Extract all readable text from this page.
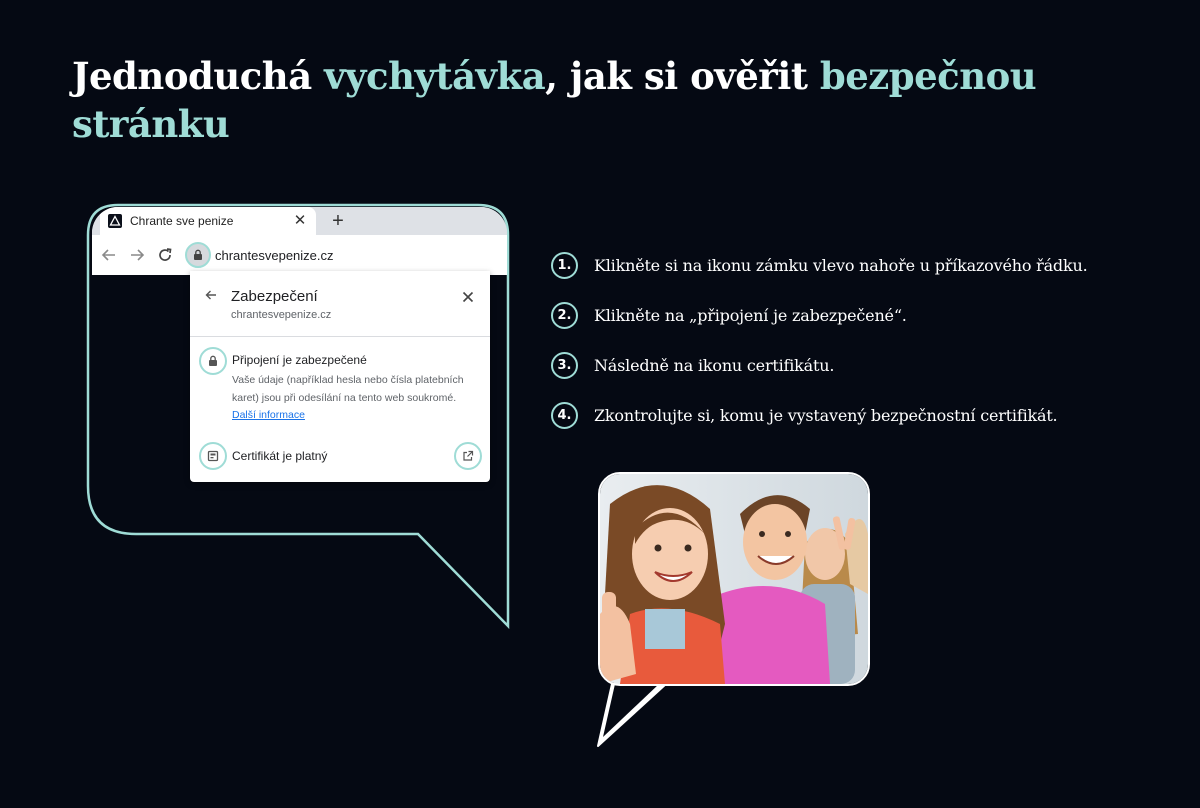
Jednoduchá vychytávka, jak si ověřit bezpečnou stránku
Chrante sve penize	✕	+
chrantesvepenize.cz
Zabezpečení
chrantesvepenize.cz
Připojení je zabezpečené
Vaše údaje (například hesla nebo čísla platebních karet) jsou při odesílání na tento web soukromé.
Další informace
Certifikát je platný
1.	Klikněte si na ikonu zámku vlevo nahoře u příkazového řádku.
2.	Klikněte na „připojení je zabezpečené“.
3.	Následně na ikonu certifikátu.
4.	Zkontrolujte si, komu je vystavený bezpečnostní certifikát.
